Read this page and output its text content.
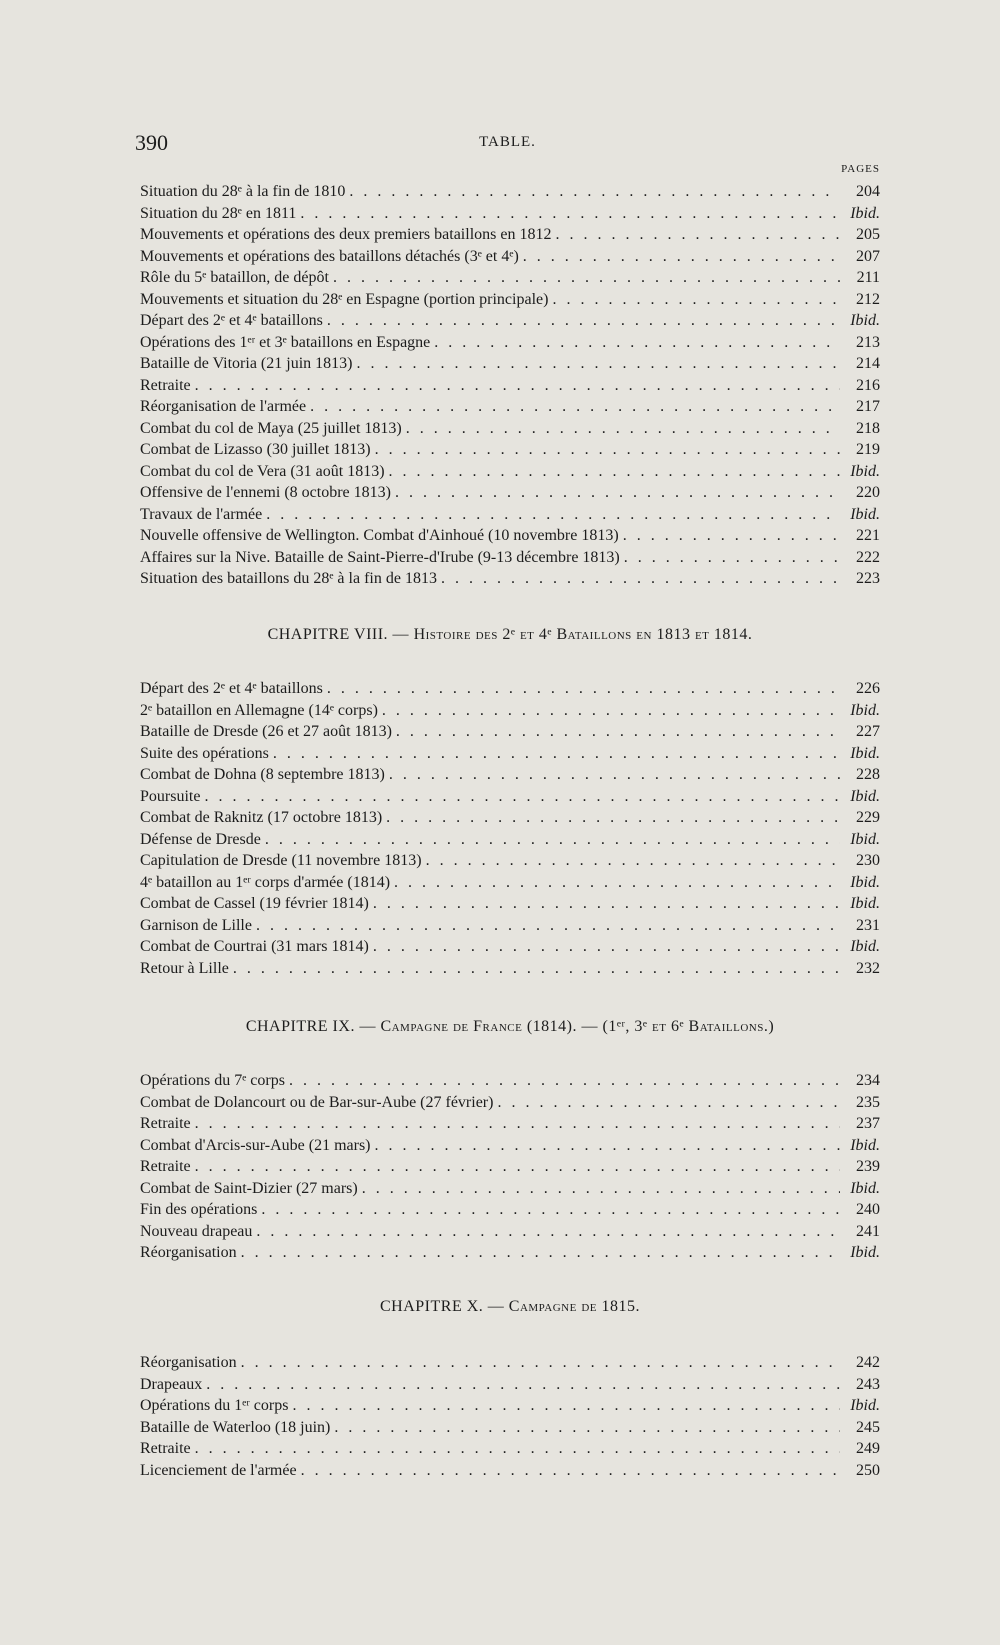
390	TABLE.
PAGES
Situation du 28ᵉ à la fin de 1810 . . .	204
Situation du 28ᵉ en 1811 . . .	Ibid.
Mouvements et opérations des deux premiers bataillons en 1812 . . .	205
Mouvements et opérations des bataillons détachés (3ᵉ et 4ᵉ) . . .	207
Rôle du 5ᵉ bataillon, de dépôt . . .	211
Mouvements et situation du 28ᵉ en Espagne (portion principale) . . .	212
Départ des 2ᵉ et 4ᵉ bataillons . . .	Ibid.
Opérations des 1ᵉʳ et 3ᵉ bataillons en Espagne . . .	213
Bataille de Vitoria (21 juin 1813) . . .	214
Retraite . . .	216
Réorganisation de l'armée . . .	217
Combat du col de Maya (25 juillet 1813) . . .	218
Combat de Lizasso (30 juillet 1813) . . .	219
Combat du col de Vera (31 août 1813) . . .	Ibid.
Offensive de l'ennemi (8 octobre 1813) . . .	220
Travaux de l'armée . . .	Ibid.
Nouvelle offensive de Wellington. Combat d'Ainhoué (10 novembre 1813) . . .	221
Affaires sur la Nive. Bataille de Saint-Pierre-d'Irube (9-13 décembre 1813) . . .	222
Situation des bataillons du 28ᵉ à la fin de 1813 . . .	223
CHAPITRE VIII. — Histoire des 2ᵉ et 4ᵉ Bataillons en 1813 et 1814.
Départ des 2ᵉ et 4ᵉ bataillons . . .	226
2ᵉ bataillon en Allemagne (14ᵉ corps) . . .	Ibid.
Bataille de Dresde (26 et 27 août 1813) . . .	227
Suite des opérations . . .	Ibid.
Combat de Dohna (8 septembre 1813) . . .	228
Poursuite . . .	Ibid.
Combat de Raknitz (17 octobre 1813) . . .	229
Défense de Dresde . . .	Ibid.
Capitulation de Dresde (11 novembre 1813) . . .	230
4ᵉ bataillon au 1ᵉʳ corps d'armée (1814) . . .	Ibid.
Combat de Cassel (19 février 1814) . . .	Ibid.
Garnison de Lille . . .	231
Combat de Courtrai (31 mars 1814) . . .	Ibid.
Retour à Lille . . .	232
CHAPITRE IX. — Campagne de France (1814). — (1ᵉʳ, 3ᵉ et 6ᵉ Bataillons.)
Opérations du 7ᵉ corps . . .	234
Combat de Dolancourt ou de Bar-sur-Aube (27 février) . . .	235
Retraite . . .	237
Combat d'Arcis-sur-Aube (21 mars) . . .	Ibid.
Retraite . . .	239
Combat de Saint-Dizier (27 mars) . . .	Ibid.
Fin des opérations . . .	240
Nouveau drapeau . . .	241
Réorganisation . . .	Ibid.
CHAPITRE X. — Campagne de 1815.
Réorganisation . . .	242
Drapeaux . . .	243
Opérations du 1ᵉʳ corps . . .	Ibid.
Bataille de Waterloo (18 juin) . . .	245
Retraite . . .	249
Licenciement de l'armée . . .	250
